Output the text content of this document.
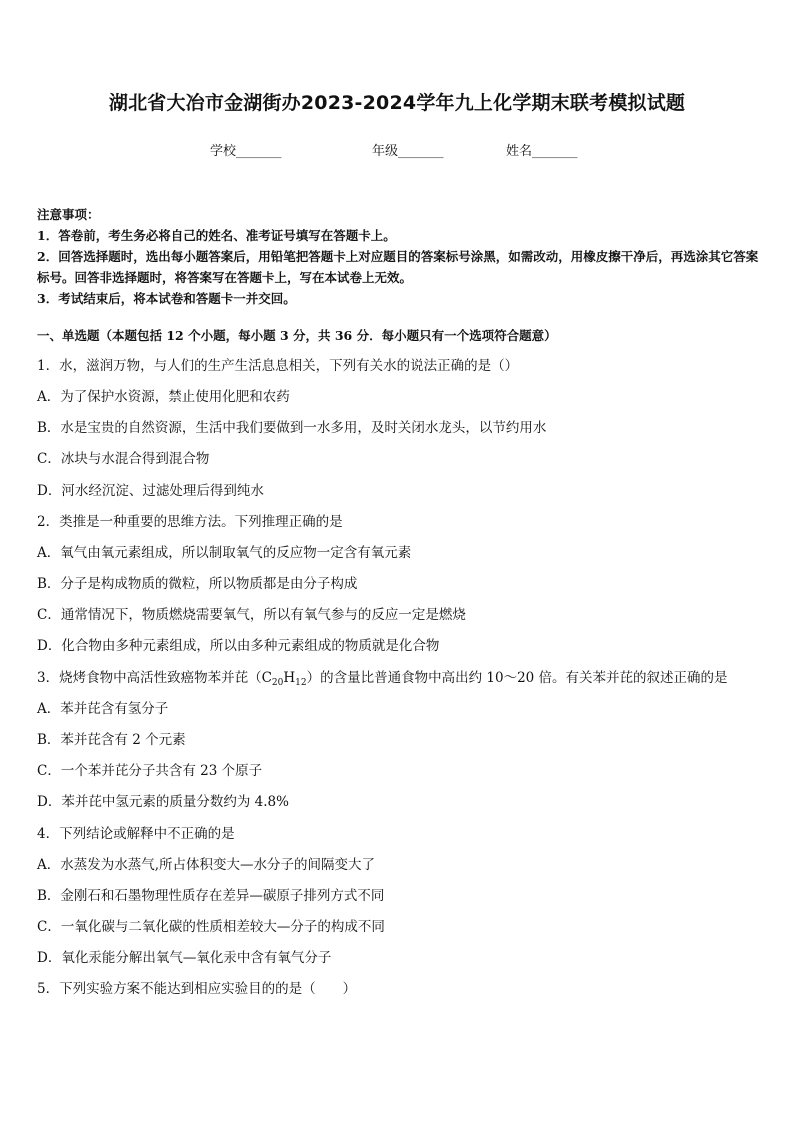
湖北省大冶市金湖街办2023-2024学年九上化学期末联考模拟试题
学校_______	年级_______	姓名_______
注意事项：
1．答卷前，考生务必将自己的姓名、准考证号填写在答题卡上。
2．回答选择题时，选出每小题答案后，用铅笔把答题卡上对应题目的答案标号涂黑，如需改动，用橡皮擦干净后，再选涂其它答案标号。回答非选择题时，将答案写在答题卡上，写在本试卷上无效。
3．考试结束后，将本试卷和答题卡一并交回。
一、单选题（本题包括 12 个小题，每小题 3 分，共 36 分．每小题只有一个选项符合题意）
1．水，滋润万物，与人们的生产生活息息相关，下列有关水的说法正确的是（）
A．为了保护水资源，禁止使用化肥和农药
B．水是宝贵的自然资源，生活中我们要做到一水多用，及时关闭水龙头，以节约用水
C．冰块与水混合得到混合物
D．河水经沉淀、过滤处理后得到纯水
2．类推是一种重要的思维方法。下列推理正确的是
A．氧气由氧元素组成，所以制取氧气的反应物一定含有氧元素
B．分子是构成物质的微粒，所以物质都是由分子构成
C．通常情况下，物质燃烧需要氧气，所以有氧气参与的反应一定是燃烧
D．化合物由多种元素组成，所以由多种元素组成的物质就是化合物
3．烧烤食物中高活性致癌物苯并芘$(C_{20}H_{12})$的含量比普通食物中高出约 10～20 倍。有关苯并芘的叙述正确的是
A．苯并芘含有氢分子
B．苯并芘含有 2 个元素
C．一个苯并芘分子共含有 23 个原子
D．苯并芘中氢元素的质量分数约为 4.8%
4．下列结论或解释中不正确的是
A．水蒸发为水蒸气,所占体积变大—水分子的间隔变大了
B．金刚石和石墨物理性质存在差异—碳原子排列方式不同
C．一氧化碳与二氧化碳的性质相差较大—分子的构成不同
D．氧化汞能分解出氧气—氧化汞中含有氧气分子
5．下列实验方案不能达到相应实验目的的是（　　）
